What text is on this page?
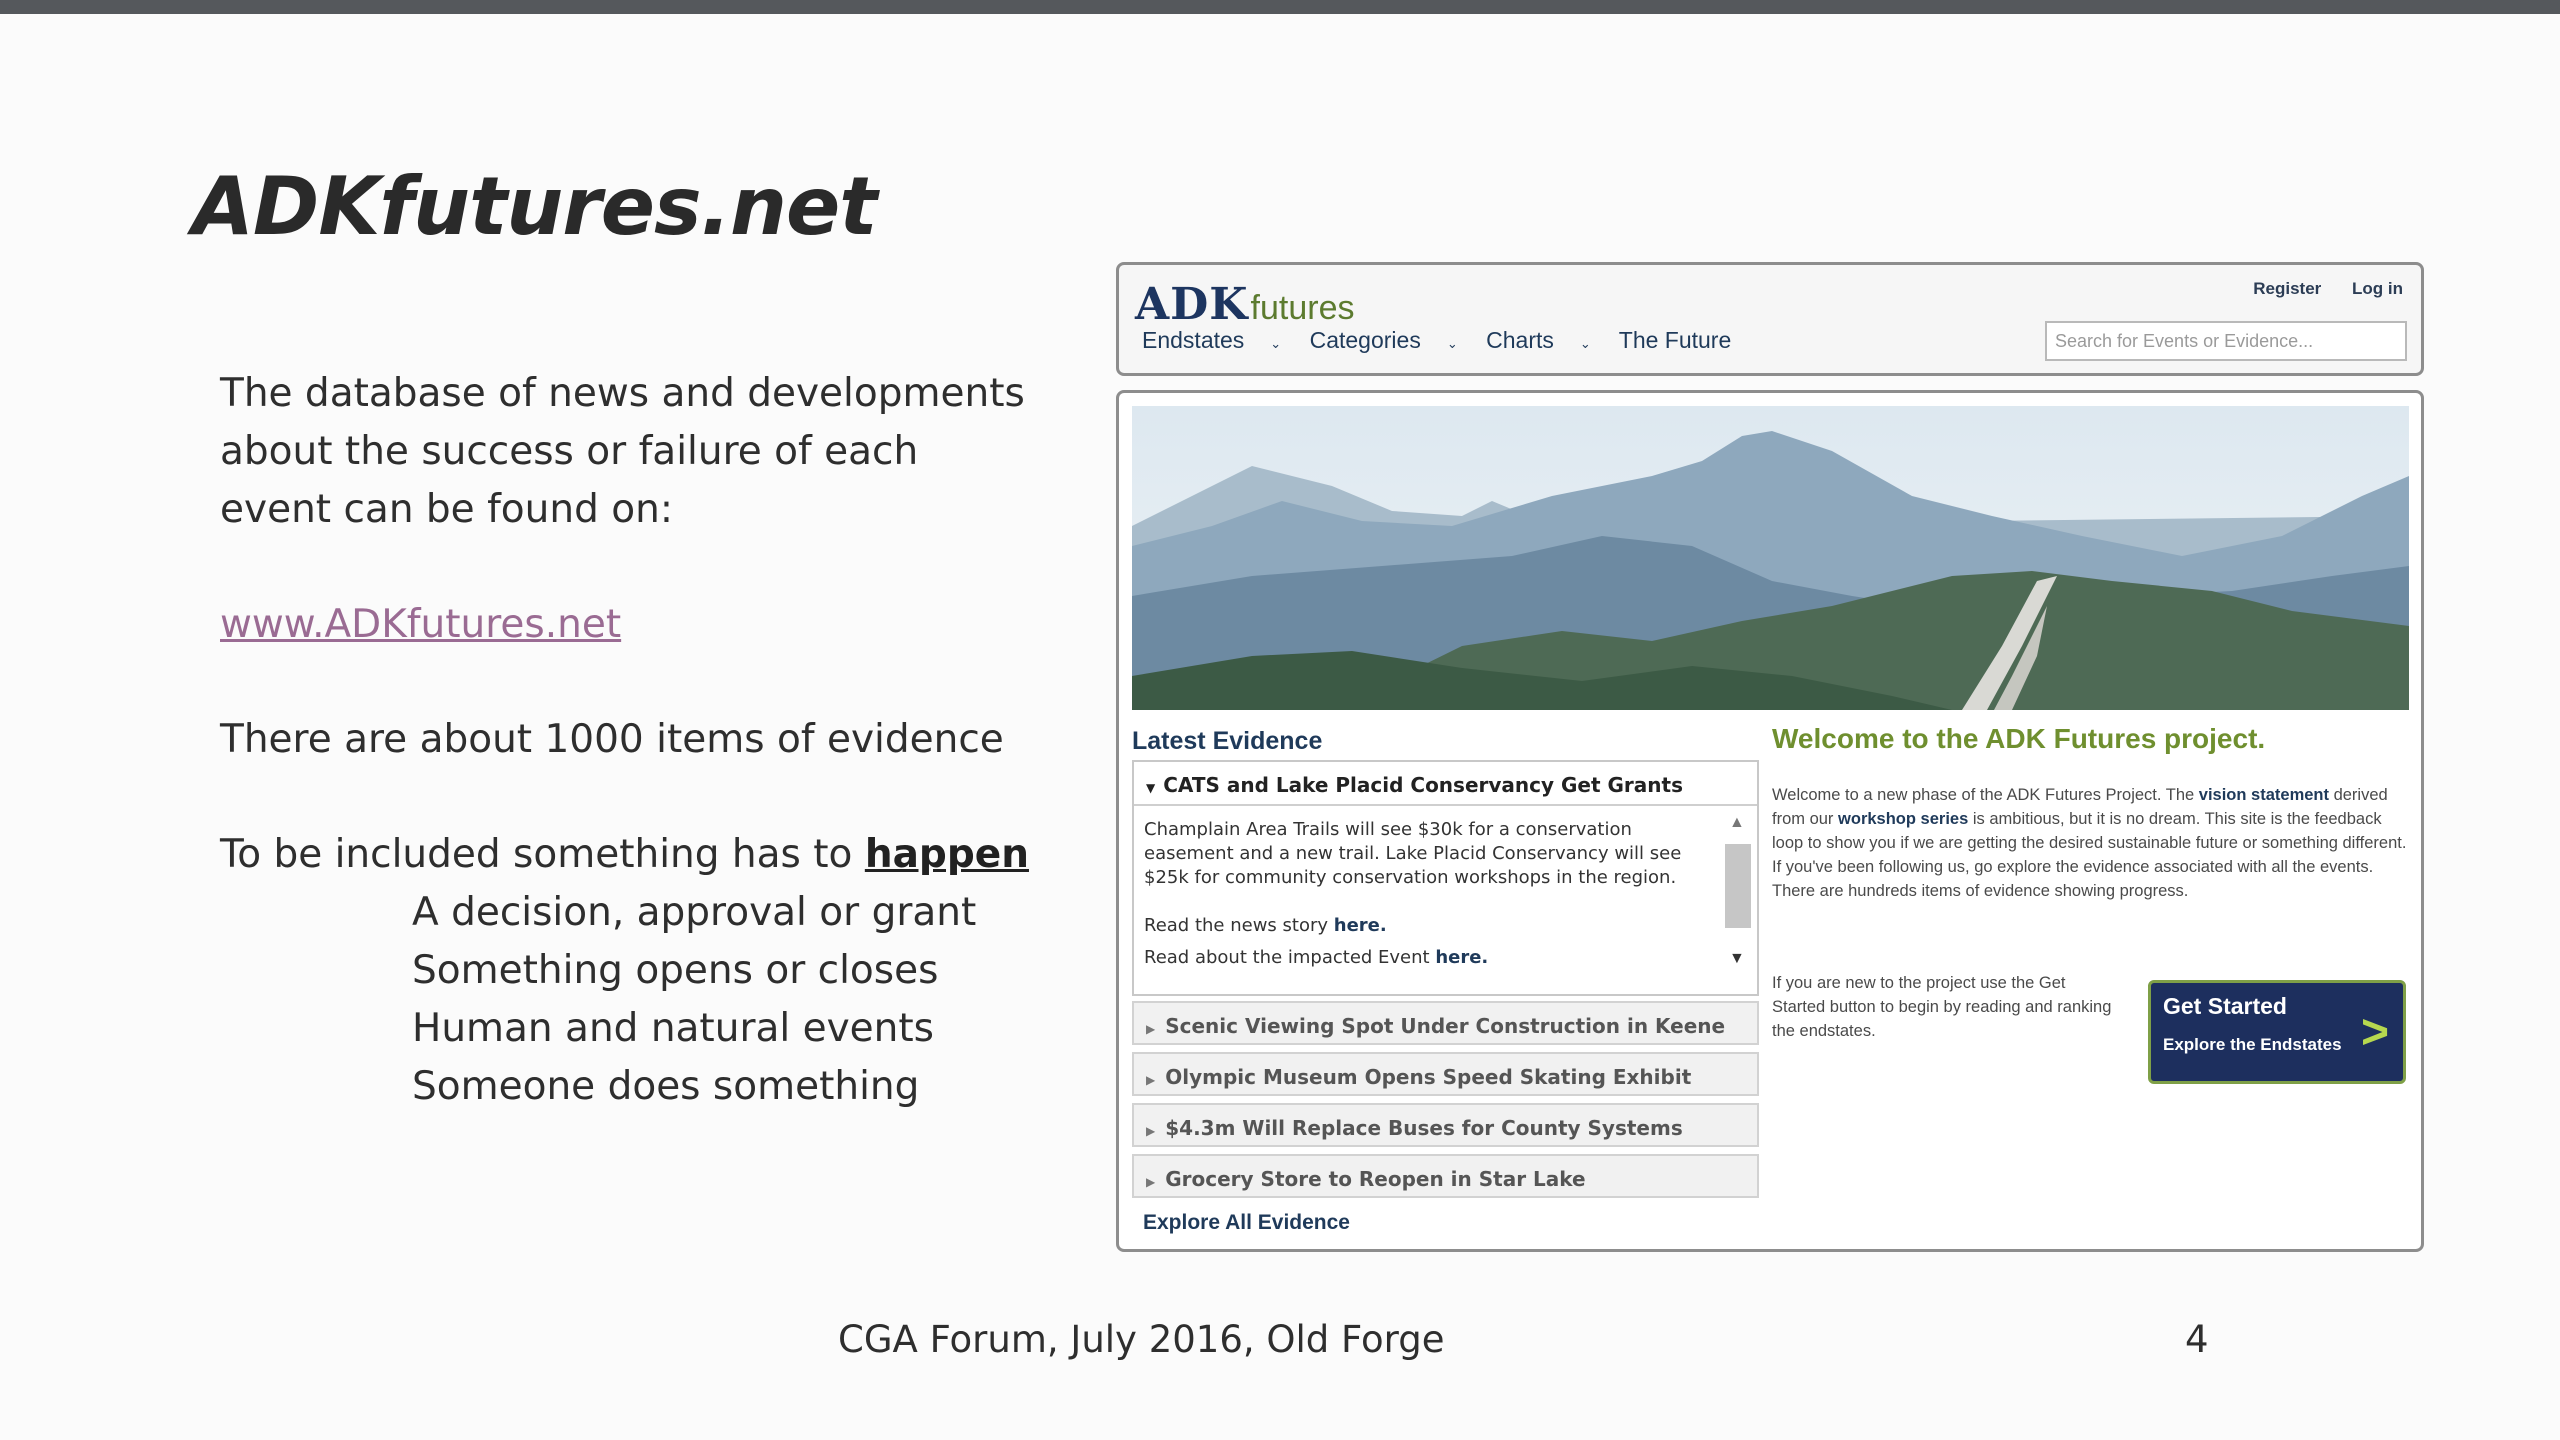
ADKfutures.net

The database of news and developments

about the success or failure of each

event can be found on:

www.ADKfutures.net

There are about 1000 items of evidence

To be included something has to happen

A decision, approval or grant

Something opens or closes

Human and natural events

Someone does something

ADKfutures
Register Log in
Endstates ⌄ Categories ⌄ Charts ⌄ The Future	Search for Events or Evidence...
Latest Evidence
▼ CATS and Lake Placid Conservancy Get Grants

Champlain Area Trails will see $30k for a conservation easement and a new trail. Lake Placid Conservancy will see $25k for community conservation workshops in the region.

Read the news story here.

Read about the impacted Event here.

▲
▼
▶ Scenic Viewing Spot Under Construction in Keene
▶ Olympic Museum Opens Speed Skating Exhibit
▶ $4.3m Will Replace Buses for County Systems
▶ Grocery Store to Reopen in Star Lake
Explore All Evidence
Welcome to the ADK Futures project.
Welcome to a new phase of the ADK Futures Project. The vision statement derived from our workshop series is ambitious, but it is no dream. This site is the feedback loop to show you if we are getting the desired sustainable future or something different. If you've been following us, go explore the evidence associated with all the events. There are hundreds items of evidence showing progress.
If you are new to the project use the Get Started button to begin by reading and ranking the endstates.
Get Started
Explore the Endstates >
CGA Forum, July 2016, Old Forge	4
